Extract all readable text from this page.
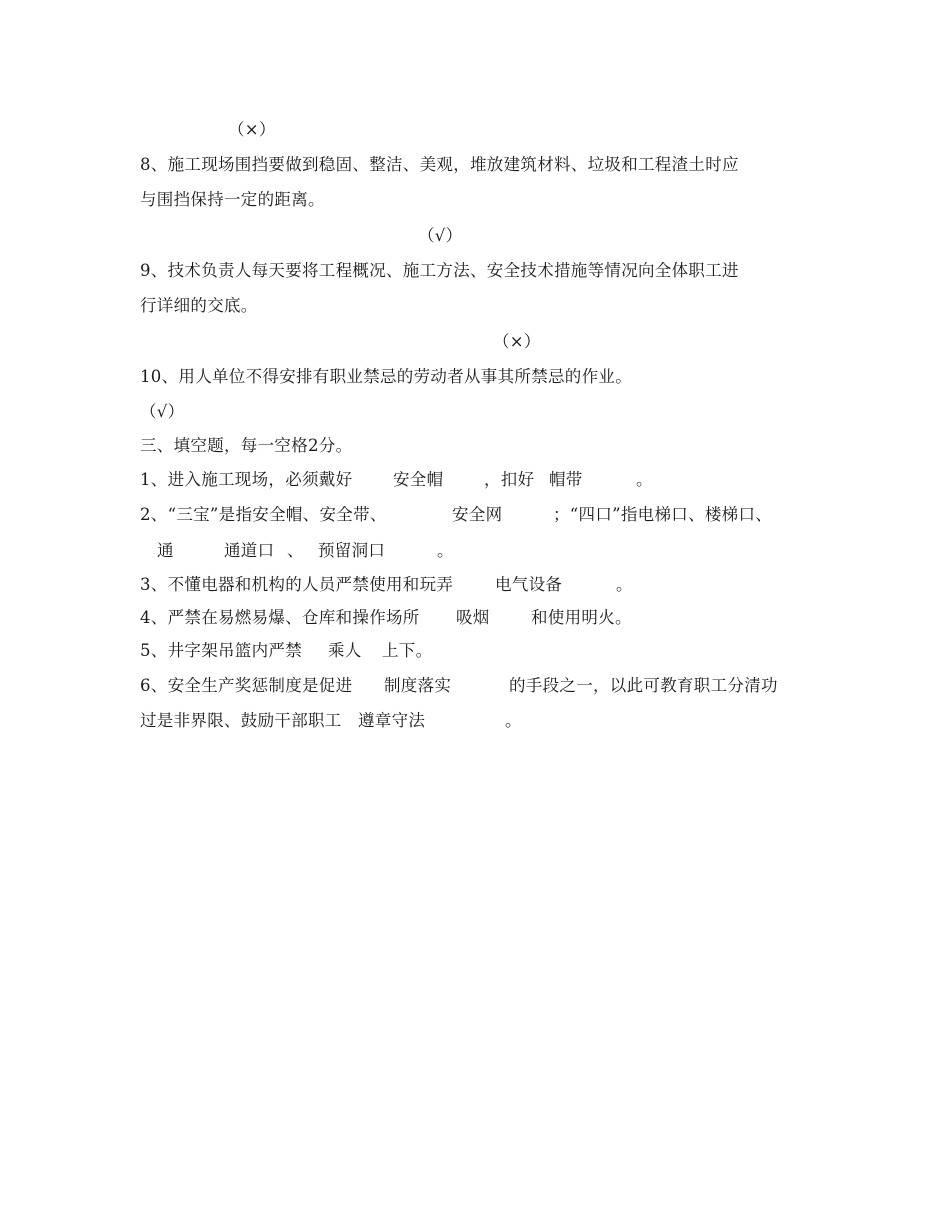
（×）
8、施工现场围挡要做到稳固、整洁、美观，堆放建筑材料、垃圾和工程渣土时应
与围挡保持一定的距离。
（√）
9、技术负责人每天要将工程概况、施工方法、安全技术措施等情况向全体职工进
行详细的交底。
（×）
10、用人单位不得安排有职业禁忌的劳动者从事其所禁忌的作业。
（√）
三、填空题，每一空格2分。
1、进入施工现场，必须戴好 安全帽 ，扣好 帽带	。
2、“三宝”是指安全帽、安全带、	安全网	；“四口”指电梯口、楼梯口、
通	通道口 、 预留洞口	。
3、不懂电器和机构的人员严禁使用和玩弄	电气设备	。
4、严禁在易燃易爆、仓库和操作场所 吸烟	和使用明火。
5、井字架吊篮内严禁 乘人 上下。
6、安全生产奖惩制度是促进 制度落实	的手段之一，以此可教育职工分清功
过是非界限、鼓励干部职工 遵章守法	。
